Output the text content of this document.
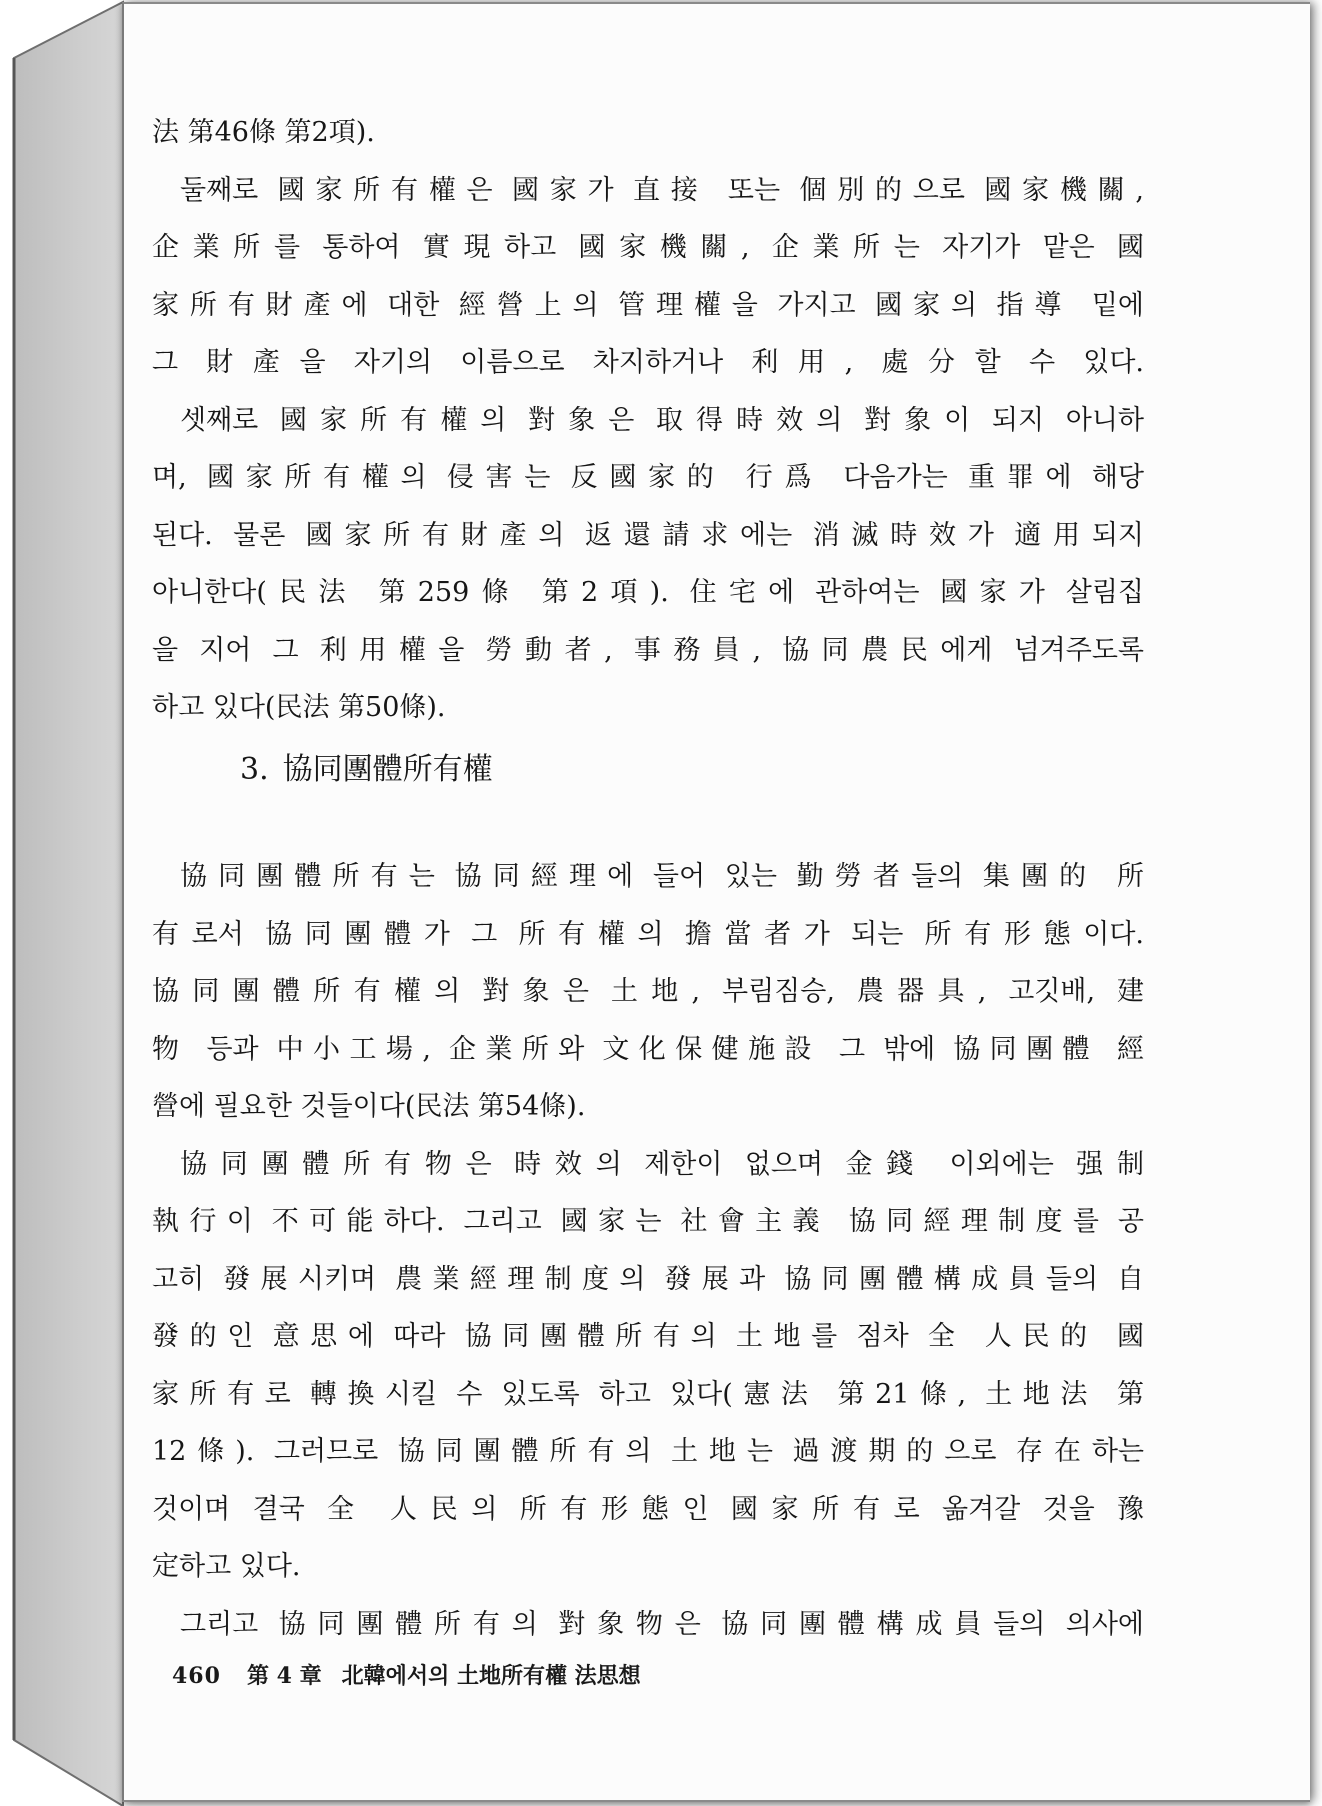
法 第46條 第2項).
둘째로 國家所有權은 國家가 直接 또는 個別的으로 國家機關,
企業所를 통하여 實現하고 國家機關, 企業所는 자기가 맡은 國
家所有財產에 대한 經營上의 管理權을 가지고 國家의 指導 밑에
그 財產을 자기의 이름으로 차지하거나 利用, 處分할 수 있다.
셋째로 國家所有權의 對象은 取得時效의 對象이 되지 아니하
며, 國家所有權의 侵害는 反國家的 行爲 다음가는 重罪에 해당
된다. 물론 國家所有財產의 返還請求에는 消滅時效가 適用되지
아니한다(民法 第259條 第2項). 住宅에 관하여는 國家가 살림집
을 지어 그 利用權을 勞動者, 事務員, 協同農民에게 넘겨주도록
하고 있다(民法 第50條).
3. 協同團體所有權
協同團體所有는 協同經理에 들어 있는 勤勞者들의 集團的 所
有로서 協同團體가 그 所有權의 擔當者가 되는 所有形態이다.
協同團體所有權의 對象은 土地, 부림짐승, 農器具, 고깃배, 建
物 등과 中小工場, 企業所와 文化保健施設 그 밖에 協同團體 經
營에 필요한 것들이다(民法 第54條).
協同團體所有物은 時效의 제한이 없으며 金錢 이외에는 强制
執行이 不可能하다. 그리고 國家는 社會主義 協同經理制度를 공
고히 發展시키며 農業經理制度의 發展과 協同團體構成員들의 自
發的인 意思에 따라 協同團體所有의 土地를 점차 全 人民的 國
家所有로 轉換시킬 수 있도록 하고 있다(憲法 第21條, 土地法 第
12條). 그러므로 協同團體所有의 土地는 過渡期的으로 存在하는
것이며 결국 全 人民의 所有形態인 國家所有로 옮겨갈 것을 豫
定하고 있다.
그리고 協同團體所有의 對象物은 協同團體構成員들의 의사에
460 第 4 章 北韓에서의 土地所有權 法思想
